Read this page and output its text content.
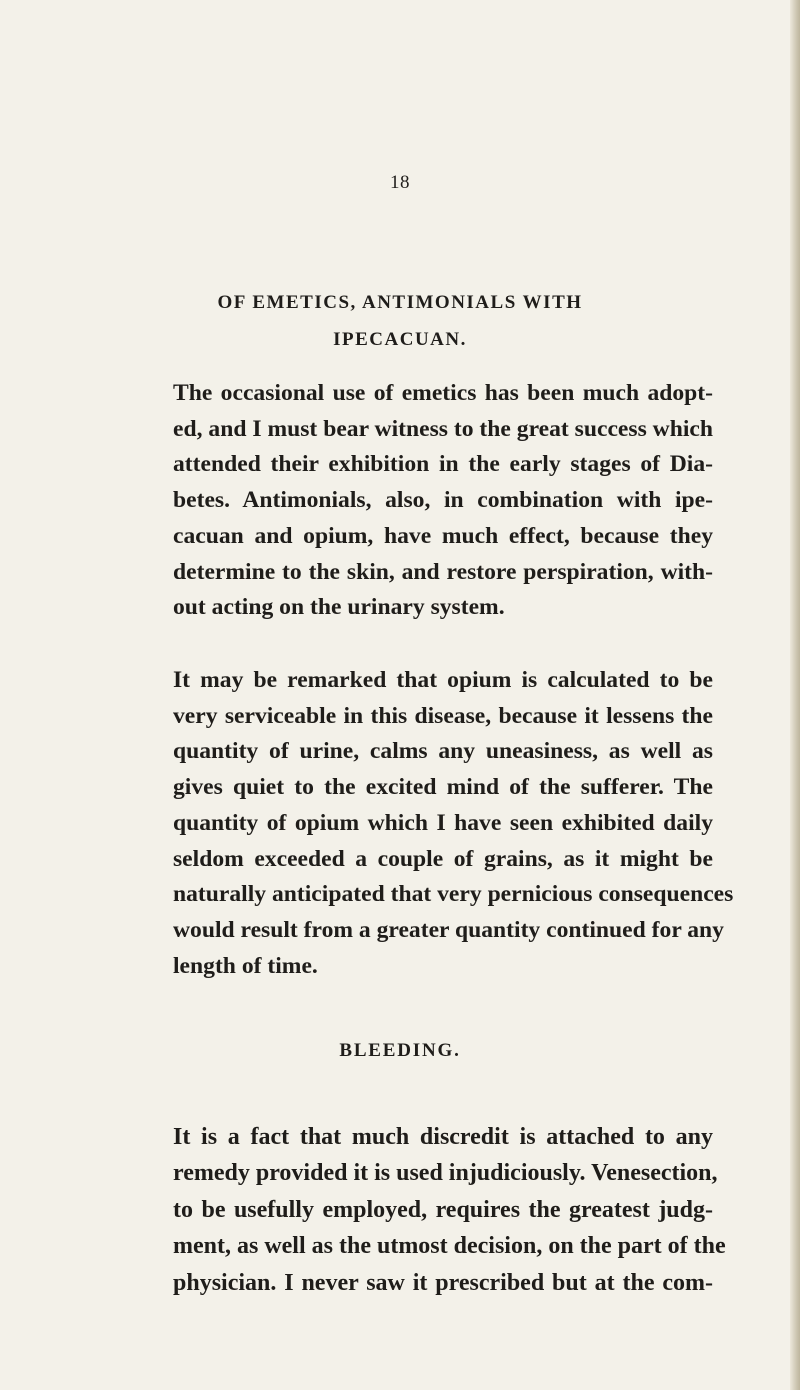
18
OF EMETICS, ANTIMONIALS WITH
IPECACUAN.
The occasional use of emetics has been much adopt-
ed, and I must bear witness to the great success which
attended their exhibition in the early stages of Dia-
betes. Antimonials, also, in combination with ipe-
cacuan and opium, have much effect, because they
determine to the skin, and restore perspiration, with-
out acting on the urinary system.
It may be remarked that opium is calculated to be
very serviceable in this disease, because it lessens the
quantity of urine, calms any uneasiness, as well as
gives quiet to the excited mind of the sufferer. The
quantity of opium which I have seen exhibited daily
seldom exceeded a couple of grains, as it might be
naturally anticipated that very pernicious consequences
would result from a greater quantity continued for any
length of time.
BLEEDING.
It is a fact that much discredit is attached to any
remedy provided it is used injudiciously. Venesection,
to be usefully employed, requires the greatest judg-
ment, as well as the utmost decision, on the part of the
physician. I never saw it prescribed but at the com-
